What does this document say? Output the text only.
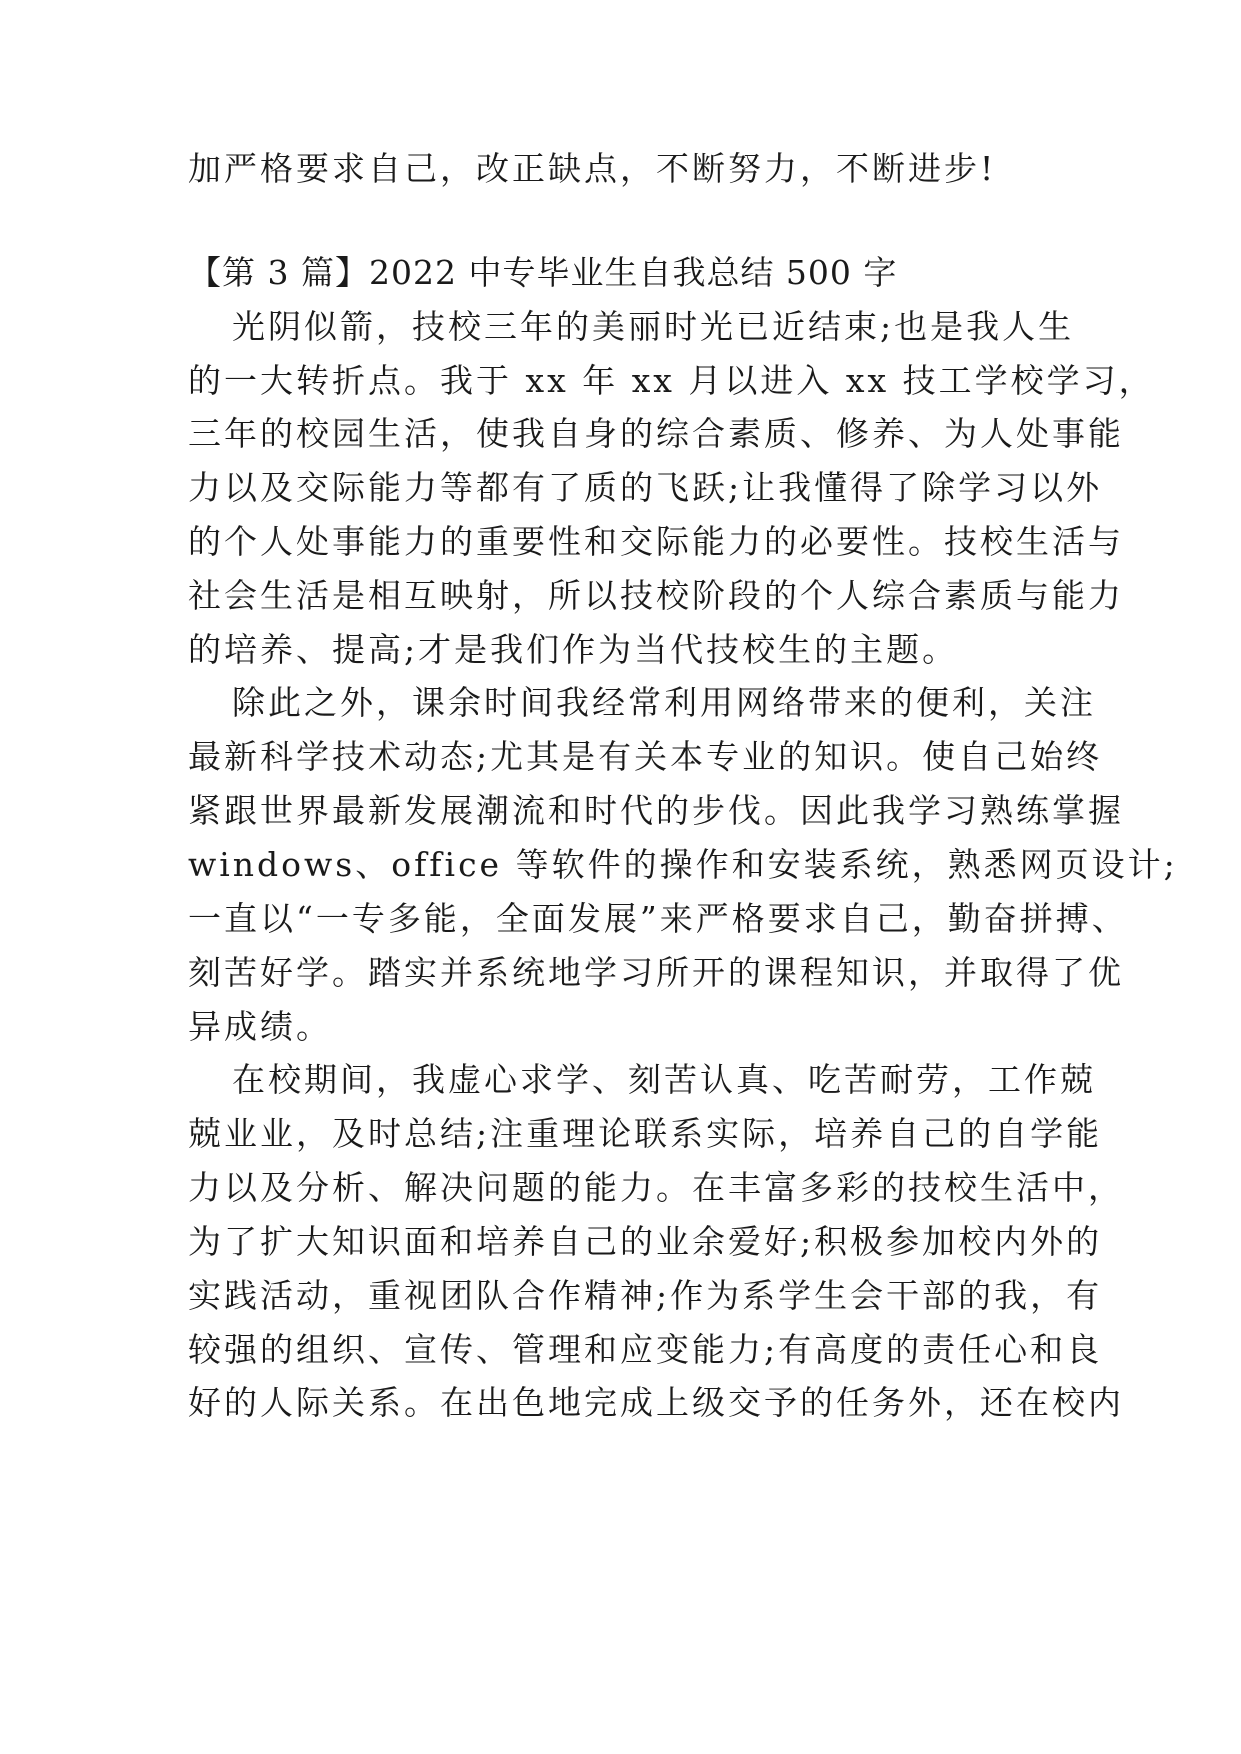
加严格要求自己，改正缺点，不断努力，不断进步!
【第 3 篇】2022 中专毕业生自我总结 500 字
光阴似箭，技校三年的美丽时光已近结束;也是我人生
的一大转折点。我于 xx 年 xx 月以进入 xx 技工学校学习，
三年的校园生活，使我自身的综合素质、修养、为人处事能
力以及交际能力等都有了质的飞跃;让我懂得了除学习以外
的个人处事能力的重要性和交际能力的必要性。技校生活与
社会生活是相互映射，所以技校阶段的个人综合素质与能力
的培养、提高;才是我们作为当代技校生的主题。
除此之外，课余时间我经常利用网络带来的便利，关注
最新科学技术动态;尤其是有关本专业的知识。使自己始终
紧跟世界最新发展潮流和时代的步伐。因此我学习熟练掌握
windows、office 等软件的操作和安装系统，熟悉网页设计;
一直以“一专多能，全面发展”来严格要求自己，勤奋拼搏、
刻苦好学。踏实并系统地学习所开的课程知识，并取得了优
异成绩。
在校期间，我虚心求学、刻苦认真、吃苦耐劳，工作兢
兢业业，及时总结;注重理论联系实际，培养自己的自学能
力以及分析、解决问题的能力。在丰富多彩的技校生活中，
为了扩大知识面和培养自己的业余爱好;积极参加校内外的
实践活动，重视团队合作精神;作为系学生会干部的我，有
较强的组织、宣传、管理和应变能力;有高度的责任心和良
好的人际关系。在出色地完成上级交予的任务外，还在校内
